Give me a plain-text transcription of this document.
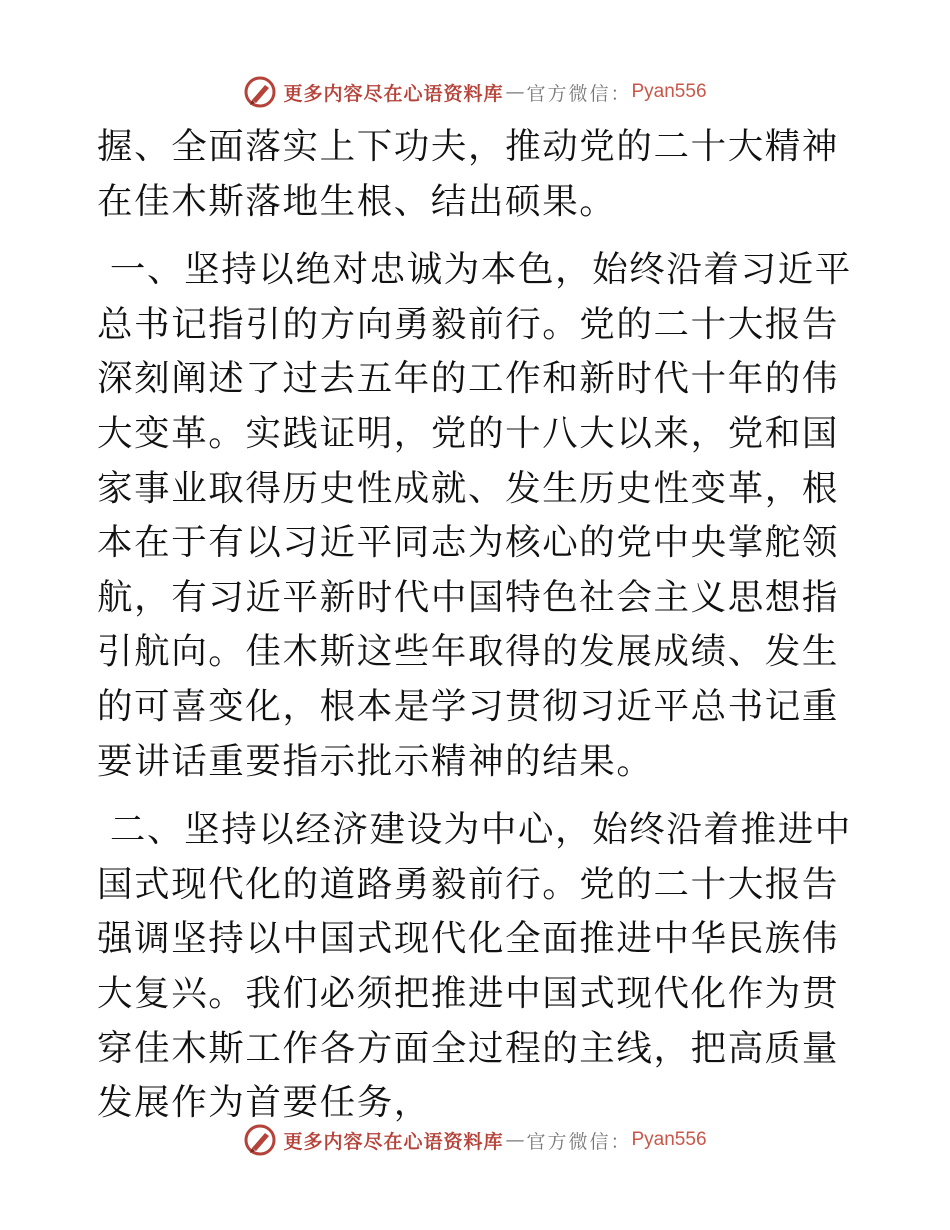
更多内容尽在心语资料库 — 官方微信： Pyan556

握、全面落实上下功夫，推动党的二十大精神在佳木斯落地生根、结出硕果。

一、坚持以绝对忠诚为本色，始终沿着习近平总书记指引的方向勇毅前行。党的二十大报告深刻阐述了过去五年的工作和新时代十年的伟大变革。实践证明，党的十八大以来，党和国家事业取得历史性成就、发生历史性变革，根本在于有以习近平同志为核心的党中央掌舵领航，有习近平新时代中国特色社会主义思想指引航向。佳木斯这些年取得的发展成绩、发生的可喜变化，根本是学习贯彻习近平总书记重要讲话重要指示批示精神的结果。

二、坚持以经济建设为中心，始终沿着推进中国式现代化的道路勇毅前行。党的二十大报告强调坚持以中国式现代化全面推进中华民族伟大复兴。我们必须把推进中国式现代化作为贯穿佳木斯工作各方面全过程的主线，把高质量发展作为首要任务，

更多内容尽在心语资料库 — 官方微信： Pyan556
